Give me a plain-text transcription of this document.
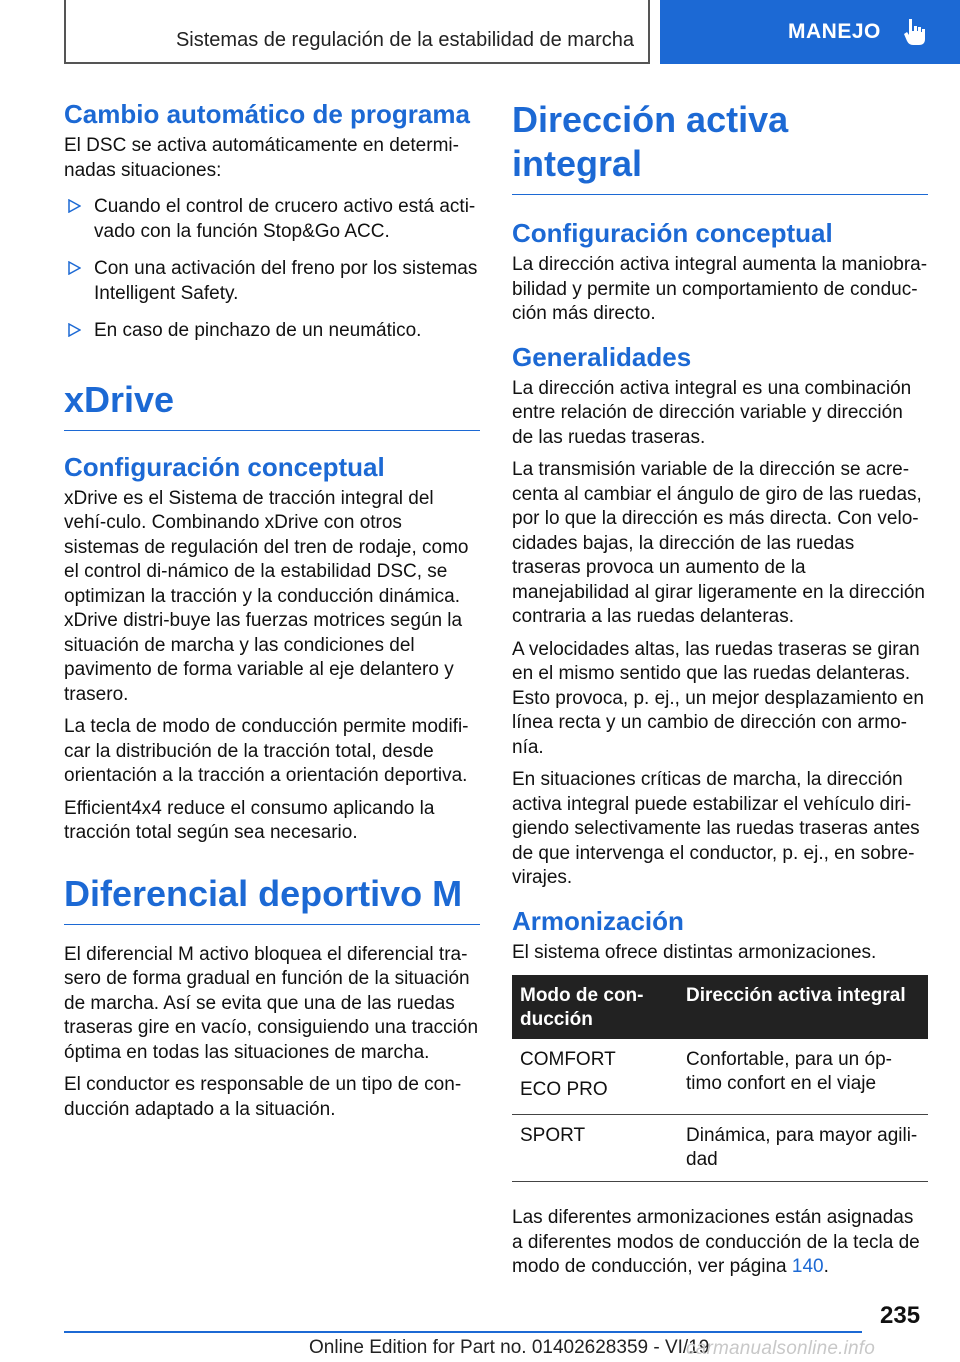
Sistemas de regulación de la estabilidad de marcha	MANEJO
Cambio automático de programa
El DSC se activa automáticamente en determi-nadas situaciones:
Cuando el control de crucero activo está acti-vado con la función Stop&Go ACC.
Con una activación del freno por los sistemas Intelligent Safety.
En caso de pinchazo de un neumático.
xDrive
Configuración conceptual
xDrive es el Sistema de tracción integral del vehí-culo. Combinando xDrive con otros sistemas de regulación del tren de rodaje, como el control di-námico de la estabilidad DSC, se optimizan la tracción y la conducción dinámica. xDrive distri-buye las fuerzas motrices según la situación de marcha y las condiciones del pavimento de forma variable al eje delantero y trasero.
La tecla de modo de conducción permite modifi-car la distribución de la tracción total, desde orientación a la tracción a orientación deportiva.
Efficient4x4 reduce el consumo aplicando la tracción total según sea necesario.
Diferencial deportivo M
El diferencial M activo bloquea el diferencial tra-sero de forma gradual en función de la situación de marcha. Así se evita que una de las ruedas traseras gire en vacío, consiguiendo una tracción óptima en todas las situaciones de marcha.
El conductor es responsable de un tipo de con-ducción adaptado a la situación.
Dirección activa integral
Configuración conceptual
La dirección activa integral aumenta la maniobra-bilidad y permite un comportamiento de conduc-ción más directo.
Generalidades
La dirección activa integral es una combinación entre relación de dirección variable y dirección de las ruedas traseras.
La transmisión variable de la dirección se acre-centa al cambiar el ángulo de giro de las ruedas, por lo que la dirección es más directa. Con velo-cidades bajas, la dirección de las ruedas traseras provoca un aumento de la manejabilidad al girar ligeramente en la dirección contraria a las ruedas delanteras.
A velocidades altas, las ruedas traseras se giran en el mismo sentido que las ruedas delanteras. Esto provoca, p. ej., un mejor desplazamiento en línea recta y un cambio de dirección con armo-nía.
En situaciones críticas de marcha, la dirección activa integral puede estabilizar el vehículo diri-giendo selectivamente las ruedas traseras antes de que intervenga el conductor, p. ej., en sobre-virajes.
Armonización
El sistema ofrece distintas armonizaciones.
Modo de con-ducción	Dirección activa integral

COMFORT
ECO PRO	Confortable, para un óp-timo confort en el viaje

SPORT	Dinámica, para mayor agili-dad
Las diferentes armonizaciones están asignadas a diferentes modos de conducción de la tecla de modo de conducción, ver página 140.
235
Online Edition for Part no. 01402628359 - VI/19
carmanualsonline.info
